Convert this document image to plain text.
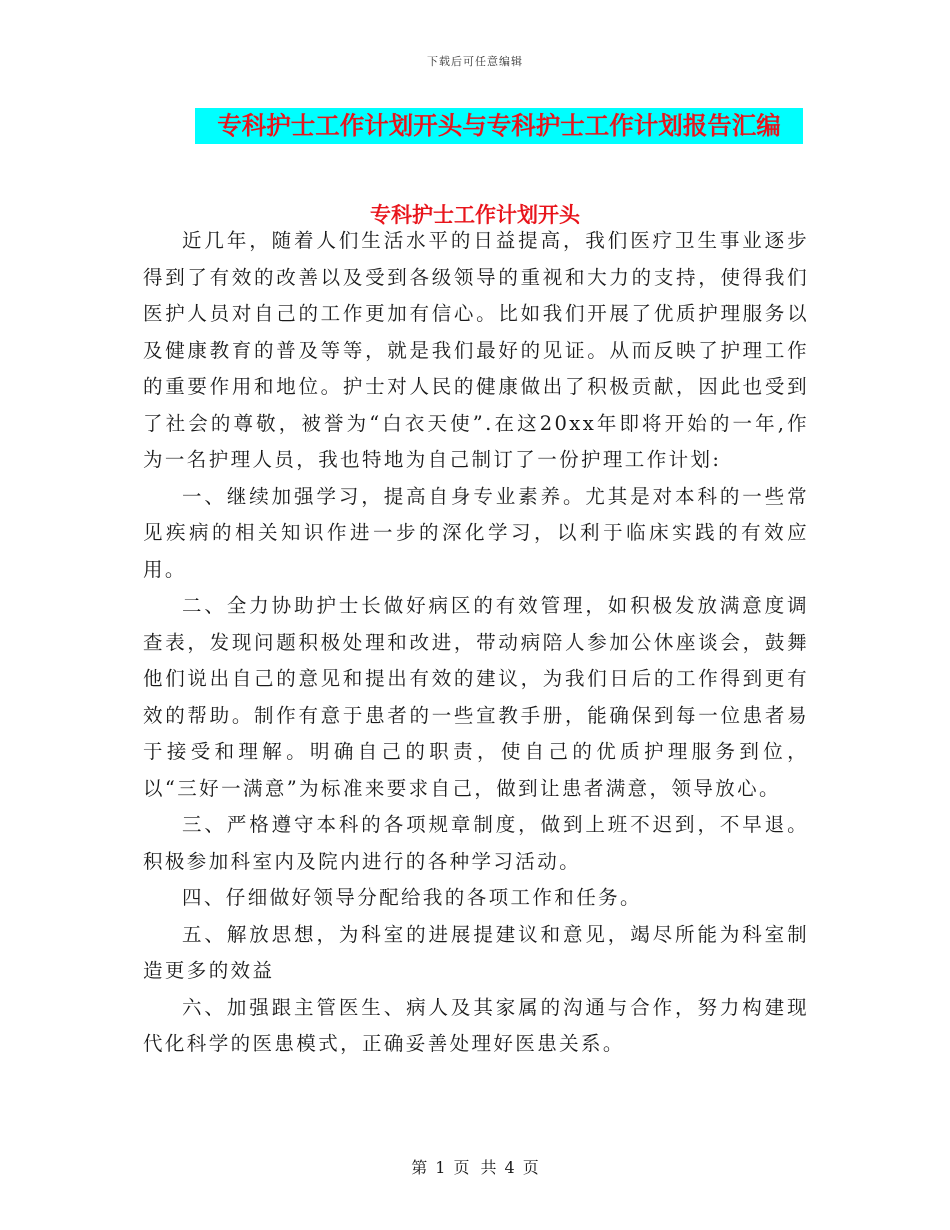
下载后可任意编辑
专科护士工作计划开头与专科护士工作计划报告汇编
专科护士工作计划开头

近几年，随着人们生活水平的日益提高，我们医疗卫生事业逐步得到了有效的改善以及受到各级领导的重视和大力的支持，使得我们医护人员对自己的工作更加有信心。比如我们开展了优质护理服务以及健康教育的普及等等，就是我们最好的见证。从而反映了护理工作的重要作用和地位。护士对人民的健康做出了积极贡献，因此也受到了社会的尊敬，被誉为“白衣天使”.在这20xx年即将开始的一年,作为一名护理人员，我也特地为自己制订了一份护理工作计划:

一、继续加强学习，提高自身专业素养。尤其是对本科的一些常见疾病的相关知识作进一步的深化学习，以利于临床实践的有效应用。

二、全力协助护士长做好病区的有效管理，如积极发放满意度调查表，发现问题积极处理和改进，带动病陪人参加公休座谈会，鼓舞他们说出自己的意见和提出有效的建议，为我们日后的工作得到更有效的帮助。制作有意于患者的一些宣教手册，能确保到每一位患者易于接受和理解。明确自己的职责，使自己的优质护理服务到位，以“三好一满意”为标准来要求自己，做到让患者满意，领导放心。

三、严格遵守本科的各项规章制度，做到上班不迟到，不早退。积极参加科室内及院内进行的各种学习活动。

四、仔细做好领导分配给我的各项工作和任务。

五、解放思想，为科室的进展提建议和意见，竭尽所能为科室制造更多的效益

六、加强跟主管医生、病人及其家属的沟通与合作，努力构建现代化科学的医患模式，正确妥善处理好医患关系。

第 1 页 共 4 页
